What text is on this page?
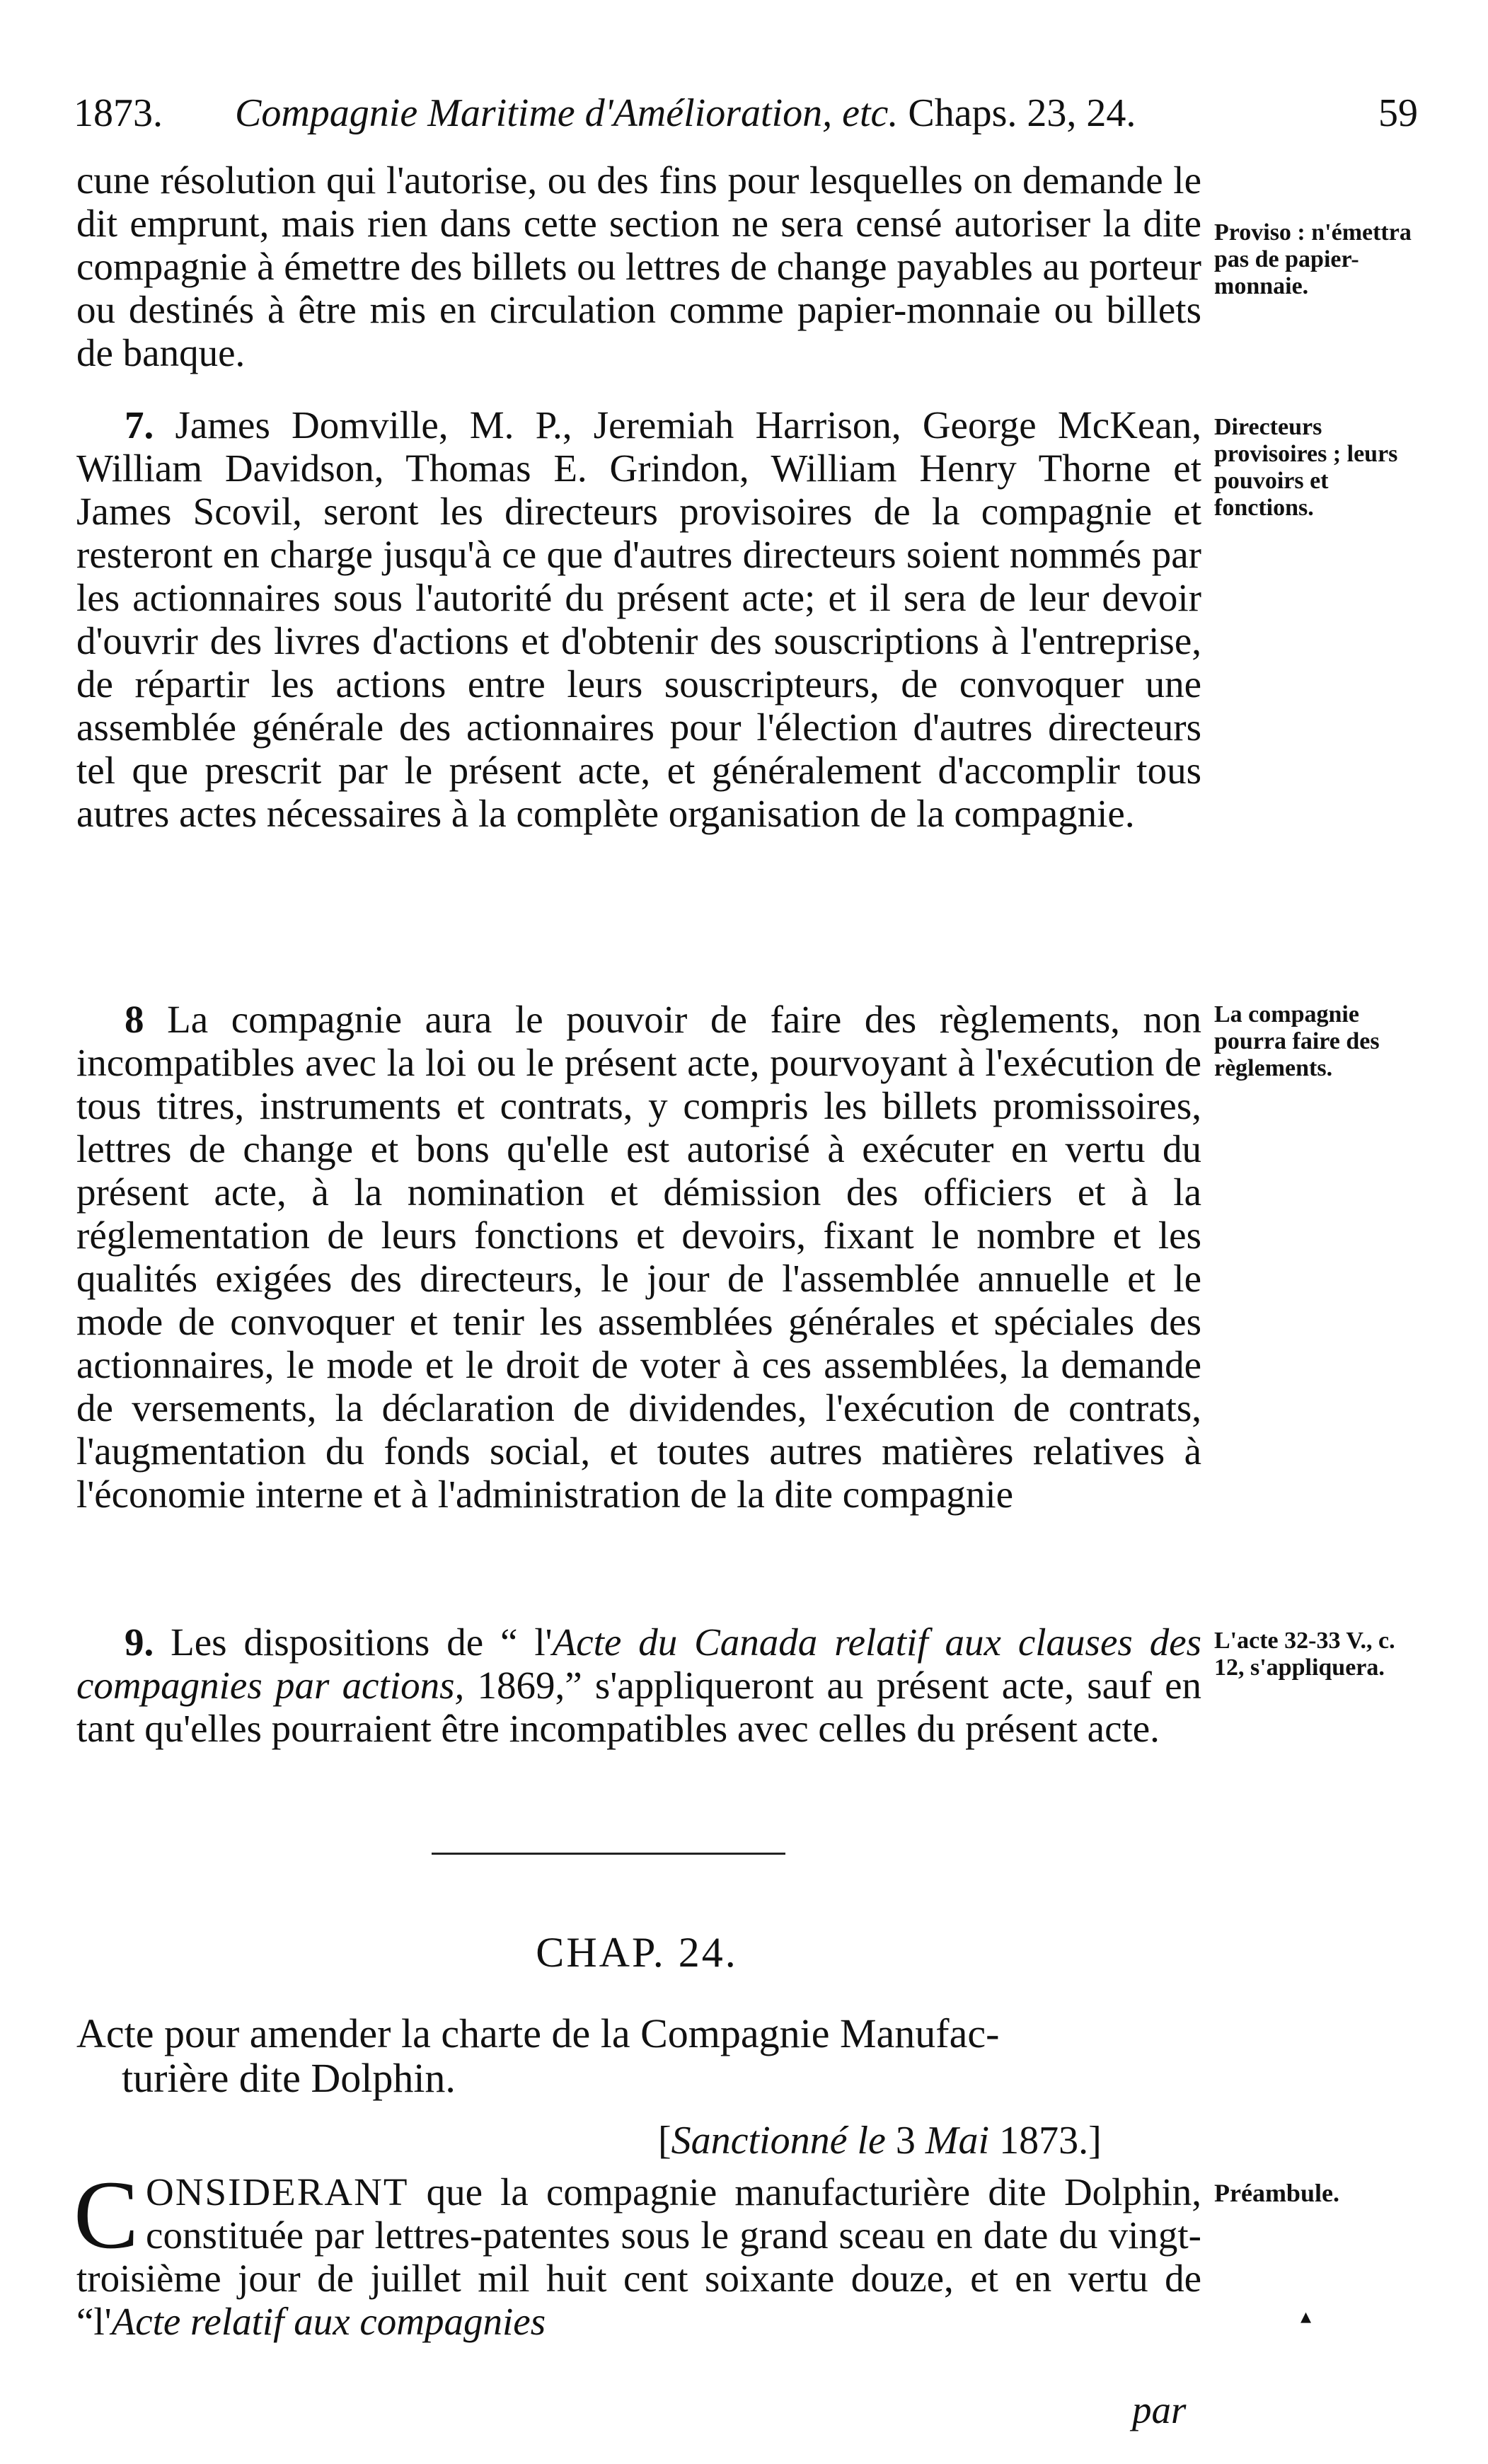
1873. Compagnie Maritime d'Amélioration, etc. Chaps. 23, 24.	59

cune résolution qui l'autorise, ou des fins pour lesquelles on demande le dit emprunt, mais rien dans cette section ne sera censé autoriser la dite compagnie à émettre des billets ou lettres de change payables au porteur ou destinés à être mis en circulation comme papier-monnaie ou billets de banque.

Proviso : n'émettra pas de papier-monnaie.

7. James Domville, M. P., Jeremiah Harrison, George McKean, William Davidson, Thomas E. Grindon, William Henry Thorne et James Scovil, seront les directeurs provisoires de la compagnie et resteront en charge jusqu'à ce que d'autres directeurs soient nommés par les actionnaires sous l'autorité du présent acte; et il sera de leur devoir d'ouvrir des livres d'actions et d'obtenir des souscriptions à l'entreprise, de répartir les actions entre leurs souscripteurs, de convoquer une assemblée générale des actionnaires pour l'élection d'autres directeurs tel que prescrit par le présent acte, et généralement d'accomplir tous autres actes nécessaires à la complète organisation de la compagnie.

Directeurs provisoires ; leurs pouvoirs et fonctions.

8 La compagnie aura le pouvoir de faire des règlements, non incompatibles avec la loi ou le présent acte, pourvoyant à l'exécution de tous titres, instruments et contrats, y compris les billets promissoires, lettres de change et bons qu'elle est autorisé à exécuter en vertu du présent acte, à la nomination et démission des officiers et à la réglementation de leurs fonctions et devoirs, fixant le nombre et les qualités exigées des directeurs, le jour de l'assemblée annuelle et le mode de convoquer et tenir les assemblées générales et spéciales des actionnaires, le mode et le droit de voter à ces assemblées, la demande de versements, la déclaration de dividendes, l'exécution de contrats, l'augmentation du fonds social, et toutes autres matières relatives à l'économie interne et à l'administration de la dite compagnie

La compagnie pourra faire des règlements.

9. Les dispositions de “ l'Acte du Canada relatif aux clauses des compagnies par actions, 1869,” s'appliqueront au présent acte, sauf en tant qu'elles pourraient être incompatibles avec celles du présent acte.

L'acte 32-33 V., c. 12, s'appliquera.
CHAP. 24.

Acte pour amender la charte de la Compagnie Manufac-

turière dite Dolphin.

[Sanctionné le 3 Mai 1873.]

CONSIDERANT que la compagnie manufacturière dite Dolphin, constituée par lettres-patentes sous le grand sceau en date du vingt-troisième jour de juillet mil huit cent soixante douze, et en vertu de “l'Acte relatif aux compagnies

Préambule.
▴
par
